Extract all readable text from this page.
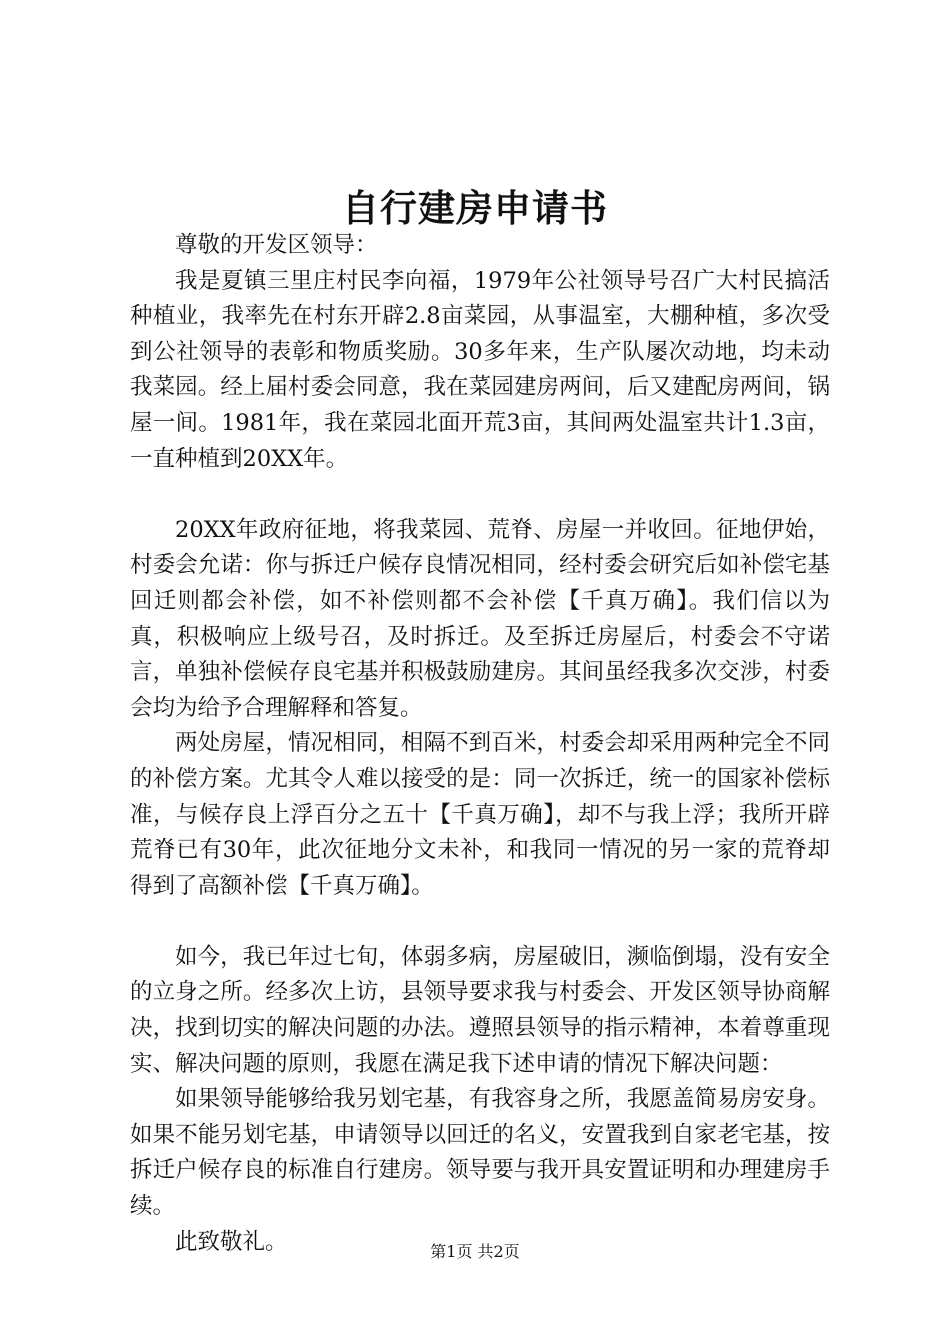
自行建房申请书

尊敬的开发区领导：

我是夏镇三里庄村民李向福，1979年公社领导号召广大村民搞活种植业，我率先在村东开辟2.8亩菜园，从事温室，大棚种植，多次受到公社领导的表彰和物质奖励。30多年来，生产队屡次动地，均未动我菜园。经上届村委会同意，我在菜园建房两间，后又建配房两间，锅屋一间。1981年，我在菜园北面开荒3亩，其间两处温室共计1.3亩，一直种植到20XX年。

20XX年政府征地，将我菜园、荒脊、房屋一并收回。征地伊始，村委会允诺：你与拆迁户候存良情况相同，经村委会研究后如补偿宅基回迁则都会补偿，如不补偿则都不会补偿【千真万确】。我们信以为真，积极响应上级号召，及时拆迁。及至拆迁房屋后，村委会不守诺言，单独补偿候存良宅基并积极鼓励建房。其间虽经我多次交涉，村委会均为给予合理解释和答复。

两处房屋，情况相同，相隔不到百米，村委会却采用两种完全不同的补偿方案。尤其令人难以接受的是：同一次拆迁，统一的国家补偿标准，与候存良上浮百分之五十【千真万确】，却不与我上浮；我所开辟荒脊已有30年，此次征地分文未补，和我同一情况的另一家的荒脊却得到了高额补偿【千真万确】。

如今，我已年过七旬，体弱多病，房屋破旧，濒临倒塌，没有安全的立身之所。经多次上访，县领导要求我与村委会、开发区领导协商解决，找到切实的解决问题的办法。遵照县领导的指示精神，本着尊重现实、解决问题的原则，我愿在满足我下述申请的情况下解决问题：

如果领导能够给我另划宅基，有我容身之所，我愿盖简易房安身。如果不能另划宅基，申请领导以回迁的名义，安置我到自家老宅基，按拆迁户候存良的标准自行建房。领导要与我开具安置证明和办理建房手续。

此致敬礼。	第1页 共2页
